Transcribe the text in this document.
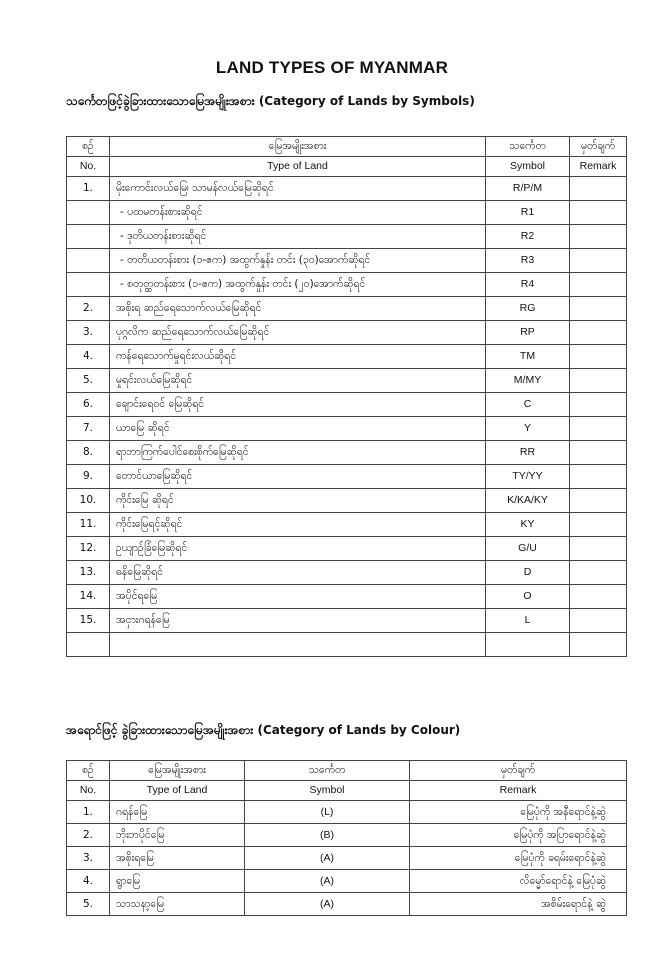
LAND TYPES OF MYANMAR
သင်္ကေတဖြင့်ခွဲခြားထားသောမြေအမျိုးအစား (Category of Lands by Symbols)
စဉ်	မြေအမျိုးအစား	သင်္ကေတ	မှတ်ချက်
No.	Type of Land	Symbol	Remark
1.	မိုးကောင်းလယ်မြေ၊ သာမန်လယ်မြေဆိုရင်	R/P/M	
	- ပထမတန်းစားဆိုရင်	R1	
	- ဒုတိယတန်းစားဆိုရင်	R2	
	- တတိယတန်းစား (၁-ဧက) အထွက်နှုန်း တင်း (၃၀)အောက်ဆိုရင်	R3	
	- စတုတ္ထတန်းစား (၁-ဧက) အထွက်နှုန်း တင်း (၂၀)အောက်ဆိုရင်	R4	
2.	အစိုးရ ဆည်ရေသောက်လယ်မြေဆိုရင်	RG	
3.	ပုဂ္ဂလိက ဆည်ရေသောက်လယ်မြေဆိုရင်	RP	
4.	ကန်ရေသောက်မှုရင်းလယ်ဆိုရင်	TM	
5.	မှုရင်းလယ်မြေဆိုရင်	M/MY	
6.	ချောင်းရေဝင် မြေဆိုရင်	C	
7.	ယာမြေ ဆိုရင်	Y	
8.	ရာဘာကြက်ပေါင်စေးစိုက်မြေဆိုရင်	RR	
9.	တောင်ယာမြေဆိုရင်	TY/YY	
10.	ကိုင်းမြေ ဆိုရင်	K/KA/KY	
11.	ကိုင်းမြေရင့်ဆိုရင်	KY	
12.	ဥယျာဉ်ခြံမြေဆိုရင်	G/U	
13.	ဓနိမြေဆိုရင်	D	
14.	အပိုင်ရမြေ	O	
15.	အငှားဂရန်မြေ	L	

အရောင်ဖြင့် ခွဲခြားထားသောမြေအမျိုးအစား (Category of Lands by Colour)
စဉ်	မြေအမျိုးအစား	သင်္ကေတ	မှတ်ချက်
No.	Type of Land	Symbol	Remark
1.	ဂရန်မြေ	(L)	မြေပုံကို အနီရောင်နဲ့ဆွဲ
2.	ဘိုးဘပိုင်မြေ	(B)	မြေပုံကို အပြာရောင်နဲ့ဆွဲ
3.	အစိုးရမြေ	(A)	မြေပုံကို ခရမ်းရောင်နဲ့ဆွဲ
4.	ရွာမြေ	(A)	လိမ္မော်ရောင်နဲ့ မြေပုံဆွဲ
5.	သာသနာ့မြေ	(A)	အစိမ်းရောင်နဲ့ ဆွဲ
